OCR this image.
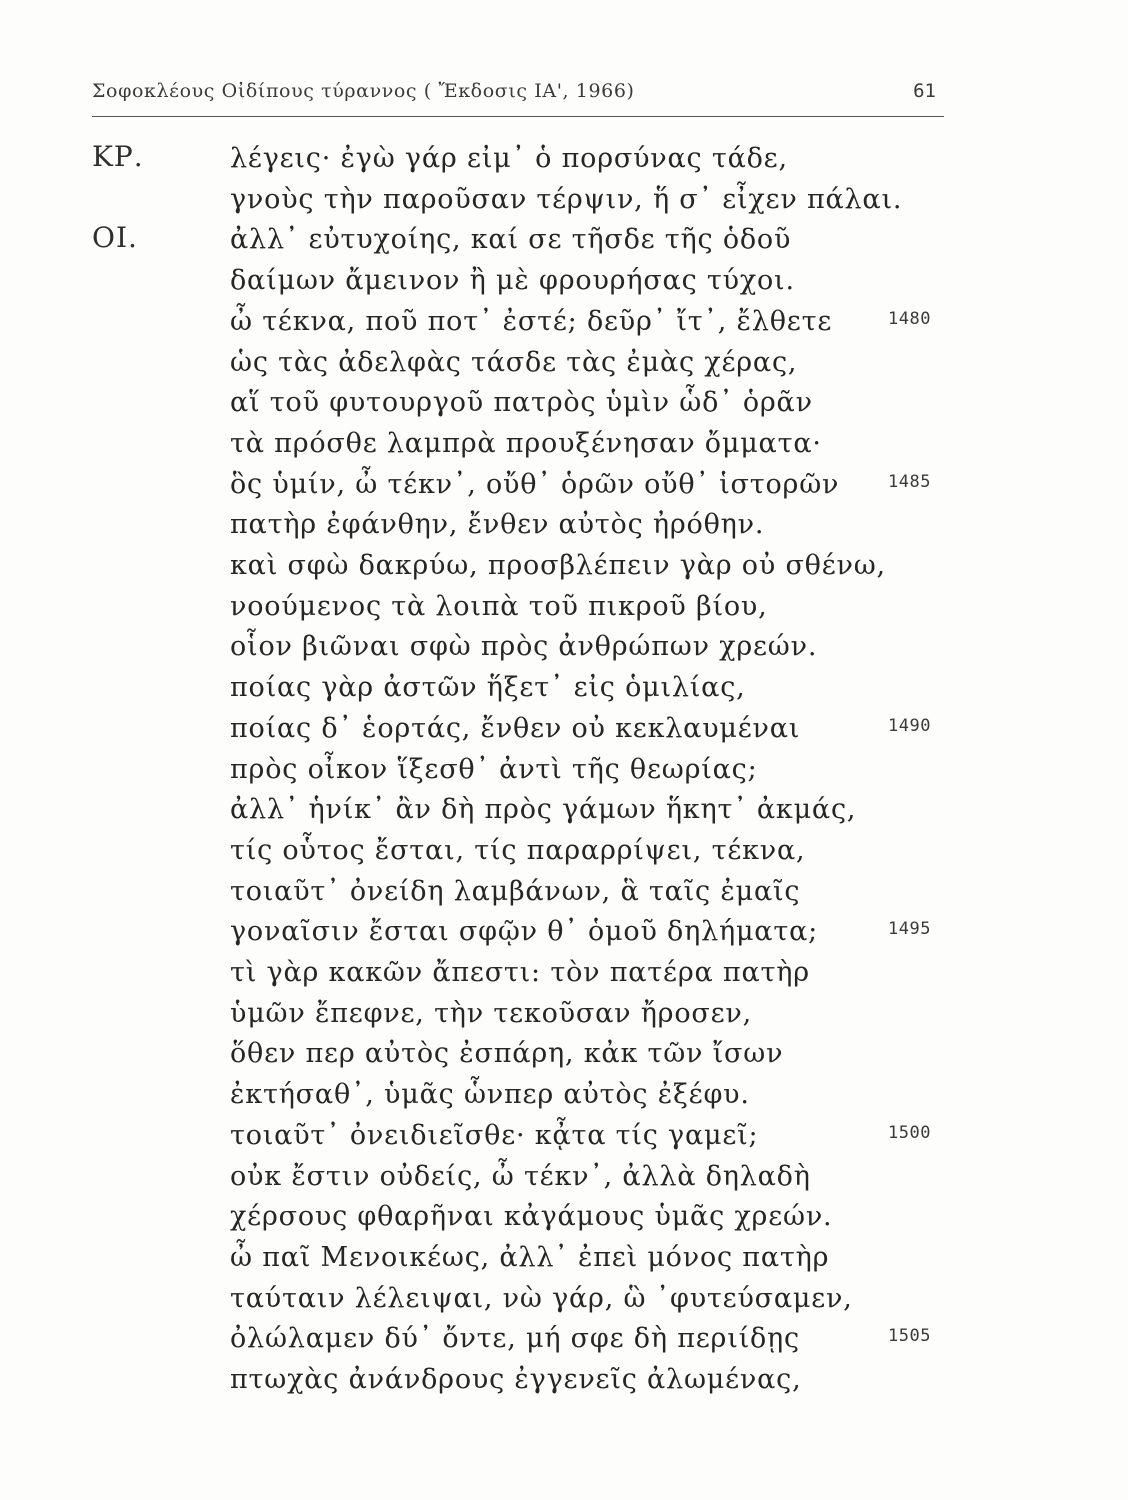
Σοφοκλέους Οἰδίπους τύραννος ( Ἔκδοσις ΙΑ', 1966)	61
ΚΡ.	λέγεις· ἐγὼ γάρ εἰμ᾽ ὁ πορσύνας τάδε,
γνοὺς τὴν παροῦσαν τέρψιν, ἥ σ᾽ εἶχεν πάλαι.
ΟΙ.	ἀλλ᾽ εὐτυχοίης, καί σε τῆσδε τῆς ὁδοῦ
δαίμων ἄμεινον ἢ μὲ φρουρήσας τύχοι.
ὦ τέκνα, ποῦ ποτ᾽ ἐστέ; δεῦρ᾽ ἴτ᾽, ἔλθετε	1480
ὡς τὰς ἀδελφὰς τάσδε τὰς ἐμὰς χέρας,
αἵ τοῦ φυτουργοῦ πατρὸς ὑμὶν ὧδ᾽ ὁρᾶν
τὰ πρόσθε λαμπρὰ προυξένησαν ὄμματα·
ὃς ὑμίν, ὦ τέκν᾽, οὔθ᾽ ὁρῶν οὔθ᾽ ἱστορῶν	1485
πατὴρ ἐφάνθην, ἔνθεν αὐτὸς ἠρόθην.
καὶ σφὼ δακρύω, προσβλέπειν γὰρ οὐ σθένω,
νοούμενος τὰ λοιπὰ τοῦ πικροῦ βίου,
οἷον βιῶναι σφὼ πρὸς ἀνθρώπων χρεών.
ποίας γὰρ ἀστῶν ἥξετ᾽ εἰς ὁμιλίας,
ποίας δ᾽ ἑορτάς, ἔνθεν οὐ κεκλαυμέναι	1490
πρὸς οἶκον ἵξεσθ᾽ ἀντὶ τῆς θεωρίας;
ἀλλ᾽ ἡνίκ᾽ ἂν δὴ πρὸς γάμων ἥκητ᾽ ἀκμάς,
τίς οὗτος ἔσται, τίς παραρρίψει, τέκνα,
τοιαῦτ᾽ ὀνείδη λαμβάνων, ἃ ταῖς ἐμαῖς
γοναῖσιν ἔσται σφῷν θ᾽ ὁμοῦ δηλήματα;	1495
τὶ γὰρ κακῶν ἄπεστι: τὸν πατέρα πατὴρ
ὑμῶν ἔπεφνε, τὴν τεκοῦσαν ἤροσεν,
ὅθεν περ αὐτὸς ἐσπάρη, κἀκ τῶν ἴσων
ἐκτήσαθ᾽, ὑμᾶς ὧνπερ αὐτὸς ἐξέφυ.
τοιαῦτ᾽ ὀνειδιεῖσθε· κᾆτα τίς γαμεῖ;	1500
οὐκ ἔστιν οὐδείς, ὦ τέκν᾽, ἀλλὰ δηλαδὴ
χέρσους φθαρῆναι κἀγάμους ὑμᾶς χρεών.
ὦ παῖ Μενοικέως, ἀλλ᾽ ἐπεὶ μόνος πατὴρ
ταύταιν λέλειψαι, νὼ γάρ, ὣ ᾽φυτεύσαμεν,
ὀλώλαμεν δύ᾽ ὄντε, μή σφε δὴ περιίδῃς	1505
πτωχὰς ἀνάνδρους ἐγγενεῖς ἀλωμένας,
